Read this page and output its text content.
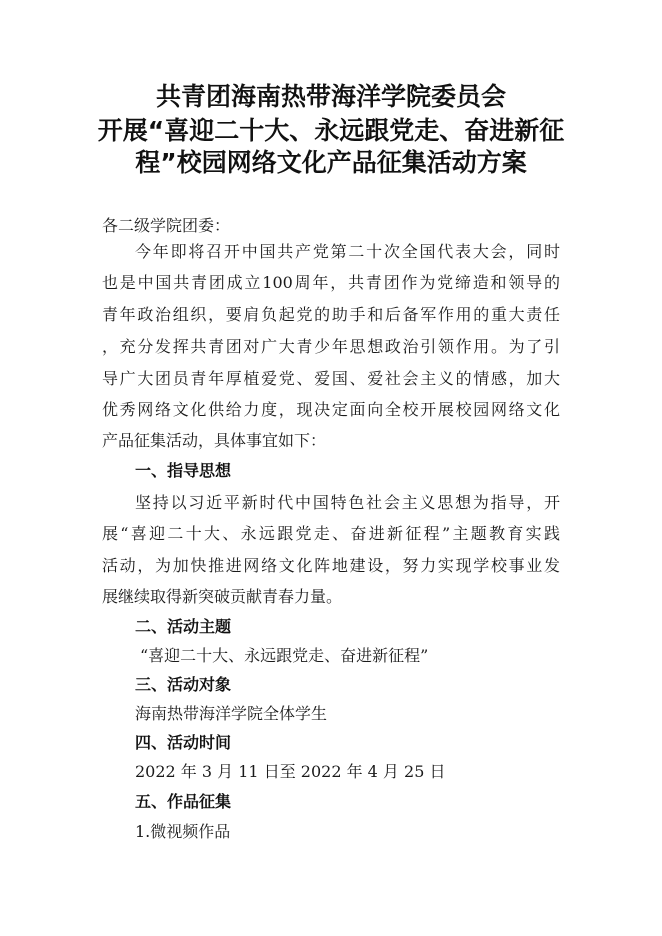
共青团海南热带海洋学院委员会
开展“喜迎二十大、永远跟党走、奋进新征
程”校园网络文化产品征集活动方案
各二级学院团委：
今年即将召开中国共产党第二十次全国代表大会，同时
也是中国共青团成立100周年，共青团作为党缔造和领导的
青年政治组织，要肩负起党的助手和后备军作用的重大责任
，充分发挥共青团对广大青少年思想政治引领作用。为了引
导广大团员青年厚植爱党、爱国、爱社会主义的情感，加大
优秀网络文化供给力度，现决定面向全校开展校园网络文化
产品征集活动，具体事宜如下：
一、指导思想
坚持以习近平新时代中国特色社会主义思想为指导，开
展“喜迎二十大、永远跟党走、奋进新征程”主题教育实践
活动，为加快推进网络文化阵地建设，努力实现学校事业发
展继续取得新突破贡献青春力量。
二、活动主题
“喜迎二十大、永远跟党走、奋进新征程”
三、活动对象
海南热带海洋学院全体学生
四、活动时间
2022 年 3 月 11 日至 2022 年 4 月 25 日
五、作品征集
1.微视频作品
